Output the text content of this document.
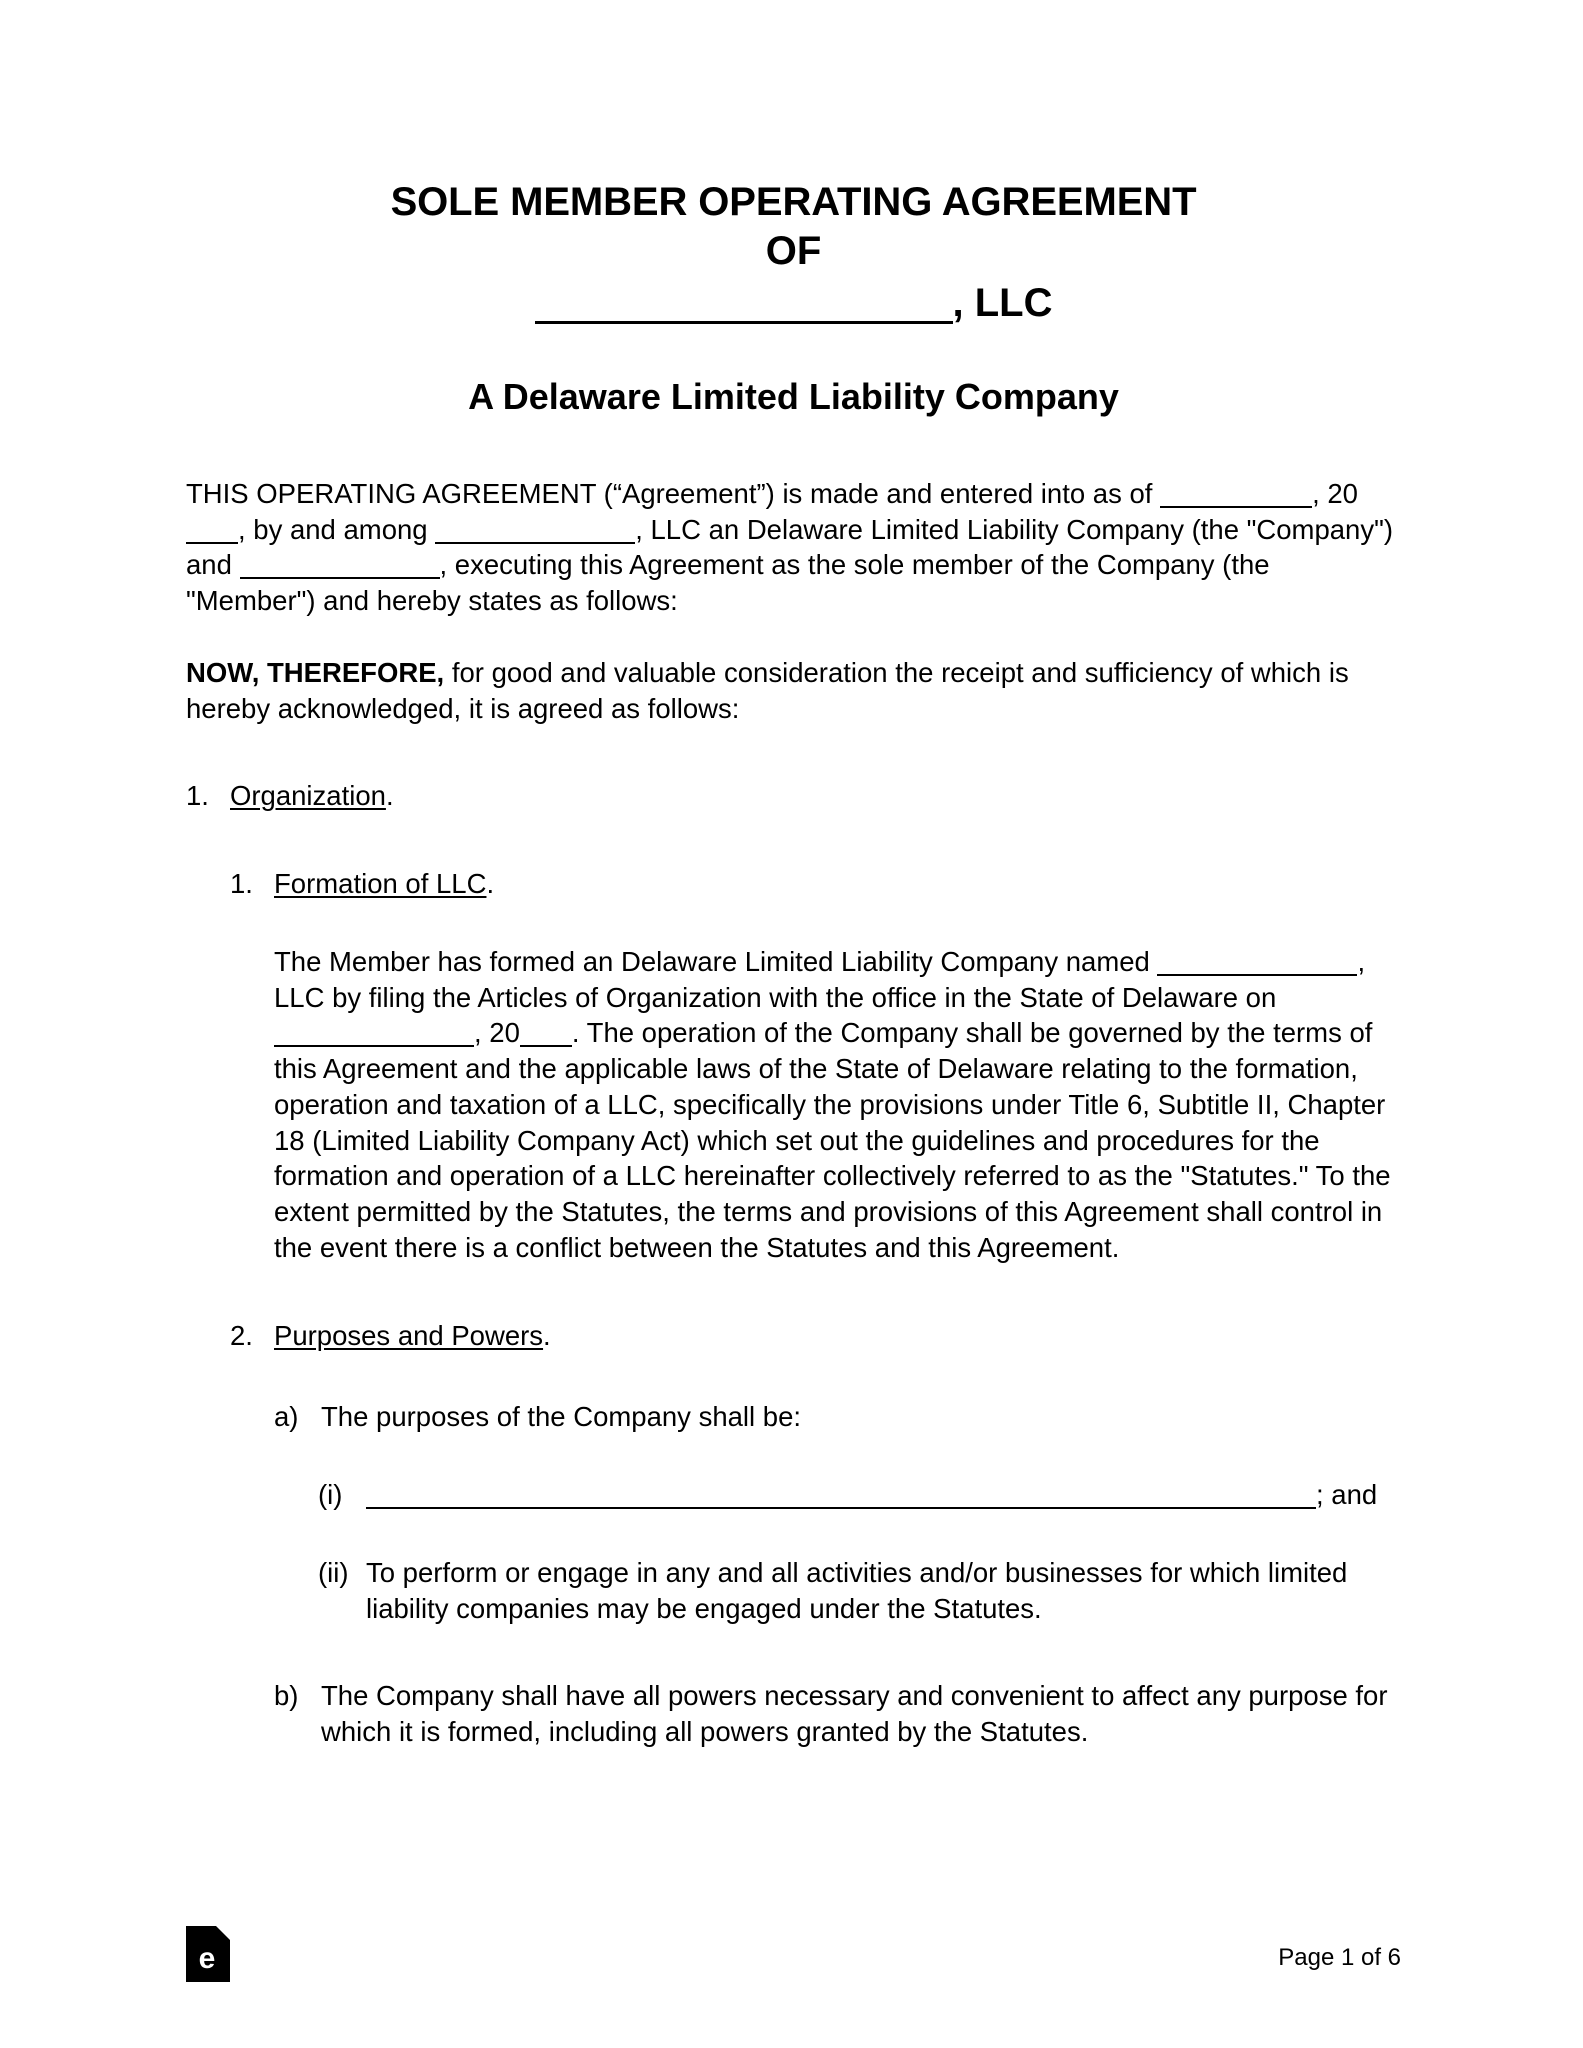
SOLE MEMBER OPERATING AGREEMENT
OF
, LLC
A Delaware Limited Liability Company

THIS OPERATING AGREEMENT (“Agreement”) is made and entered into as of	, 20, by and among	, LLC an Delaware Limited Liability Company (the "Company") and	, executing this Agreement as the sole member of the Company (the "Member") and hereby states as follows:

NOW, THEREFORE, for good and valuable consideration the receipt and sufficiency of which is hereby acknowledged, it is agreed as follows:

1. Organization.
1. Formation of LLC.

The Member has formed an Delaware Limited Liability Company named	, LLC by filing the Articles of Organization with the office in the State of Delaware on , 20 . The operation of the Company shall be governed by the terms of this Agreement and the applicable laws of the State of Delaware relating to the formation, operation and taxation of a LLC, specifically the provisions under Title 6, Subtitle II, Chapter 18 (Limited Liability Company Act) which set out the guidelines and procedures for the formation and operation of a LLC hereinafter collectively referred to as the "Statutes." To the extent permitted by the Statutes, the terms and provisions of this Agreement shall control in the event there is a conflict between the Statutes and this Agreement.

2. Purposes and Powers.
a) The purposes of the Company shall be:
(i)	; and
(ii) To perform or engage in any and all activities and/or businesses for which limited liability companies may be engaged under the Statutes.
b) The Company shall have all powers necessary and convenient to affect any purpose for which it is formed, including all powers granted by the Statutes.
e	Page 1 of 6
